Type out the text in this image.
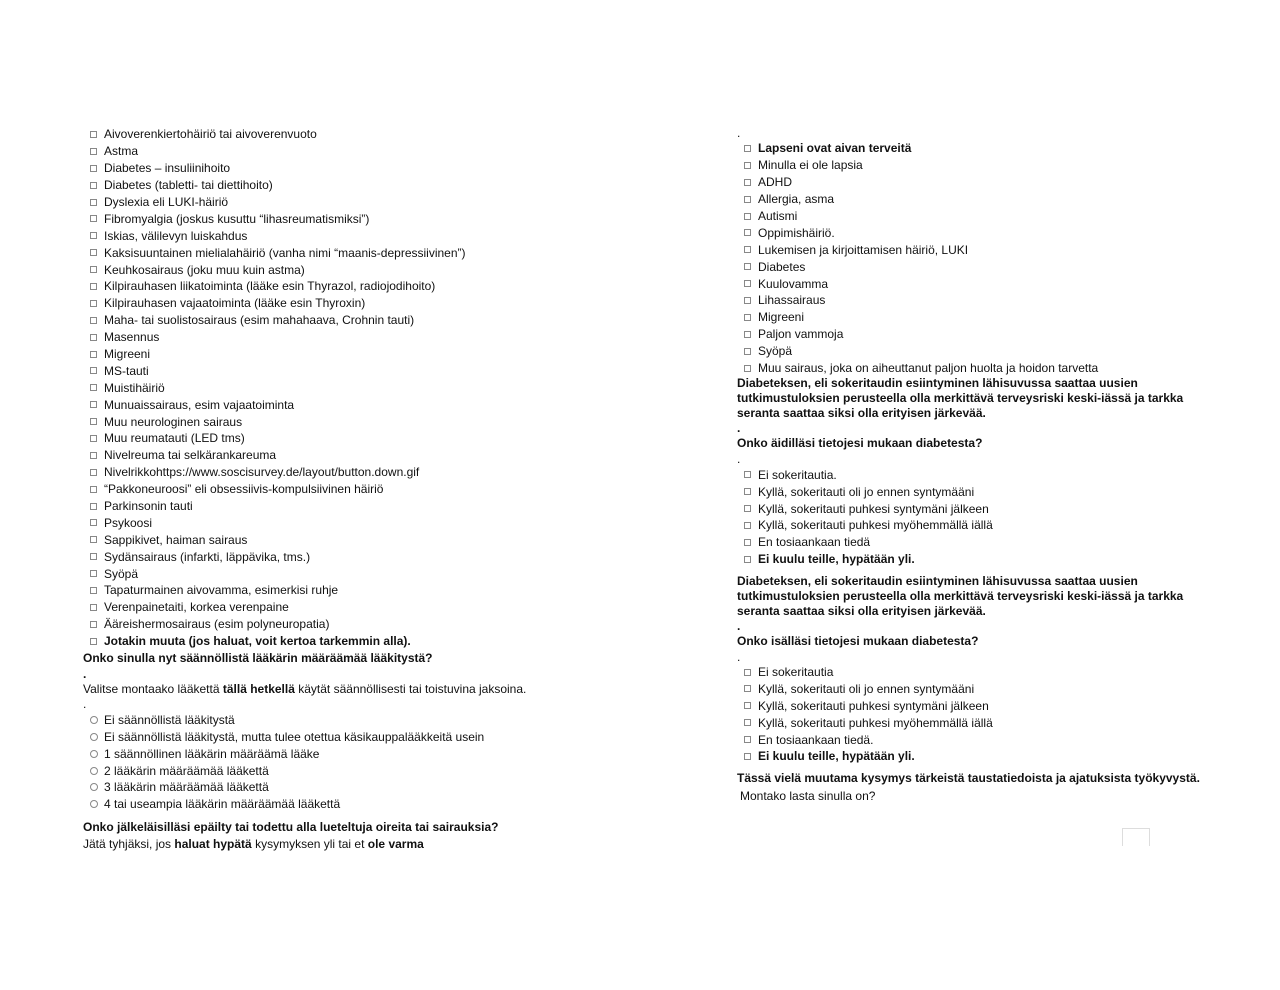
Aivoverenkiertohäiriö tai aivoverenvuoto
Astma
Diabetes – insuliinihoito
Diabetes (tabletti- tai diettihoito)
Dyslexia eli LUKI-häiriö
Fibromyalgia (joskus kusuttu “lihasreumatismiksi”)
Iskias, välilevyn luiskahdus
Kaksisuuntainen mielialahäiriö (vanha nimi “maanis-depressiivinen”)
Keuhkosairaus (joku muu kuin astma)
Kilpirauhasen liikatoiminta (lääke esin Thyrazol, radiojodihoito)
Kilpirauhasen vajaatoiminta (lääke esin Thyroxin)
Maha- tai suolistosairaus (esim mahahaava, Crohnin tauti)
Masennus
Migreeni
MS-tauti
Muistihäiriö
Munuaissairaus, esim vajaatoiminta
Muu neurologinen sairaus
Muu reumatauti (LED tms)
Nivelreuma tai selkärankareuma
Nivelrikkohttps://www.soscisurvey.de/layout/button.down.gif
“Pakkoneuroosi” eli obsessiivis-kompulsiivinen häiriö
Parkinsonin tauti
Psykoosi
Sappikivet, haiman sairaus
Sydänsairaus (infarkti, läppävika, tms.)
Syöpä
Tapaturmainen aivovamma, esimerkisi ruhje
Verenpainetaiti, korkea verenpaine
Ääreishermosairaus (esim polyneuropatia)
Jotakin muuta (jos haluat, voit kertoa tarkemmin alla).
Onko sinulla nyt säännöllistä lääkärin määräämää lääkitystä?
.
Valitse montaako lääkettä tällä hetkellä käytät säännöllisesti tai toistuvina jaksoina.
.
Ei säännöllistä lääkitystä
Ei säännöllistä lääkitystä, mutta tulee otettua käsikauppalääkkeitä usein
1 säännöllinen lääkärin määräämä lääke
2 lääkärin määräämää lääkettä
3 lääkärin määräämää lääkettä
4 tai useampia lääkärin määräämää lääkettä
Onko jälkeläisilläsi epäilty tai todettu alla lueteltuja oireita tai sairauksia?
Jätä tyhjäksi, jos haluat hypätä kysymyksen yli tai et ole varma
.
Lapseni ovat aivan terveitä
Minulla ei ole lapsia
ADHD
Allergia, asma
Autismi
Oppimishäiriö.
Lukemisen ja kirjoittamisen häiriö, LUKI
Diabetes
Kuulovamma
Lihassairaus
Migreeni
Paljon vammoja
Syöpä
Muu sairaus, joka on aiheuttanut paljon huolta ja hoidon tarvetta
Diabeteksen, eli sokeritaudin esiintyminen lähisuvussa saattaa uusien tutkimustuloksien perusteella olla merkittävä terveysriski keski-iässä ja tarkka seranta saattaa siksi olla erityisen järkevää.
.
Onko äidilläsi tietojesi mukaan diabetesta?
.
Ei sokeritautia.
Kyllä, sokeritauti oli jo ennen syntymääni
Kyllä, sokeritauti puhkesi syntymäni jälkeen
Kyllä, sokeritauti puhkesi myöhemmällä iällä
En tosiaankaan tiedä
Ei kuulu teille, hypätään yli.
Diabeteksen, eli sokeritaudin esiintyminen lähisuvussa saattaa uusien tutkimustuloksien perusteella olla merkittävä terveysriski keski-iässä ja tarkka seranta saattaa siksi olla erityisen järkevää.
.
Onko isälläsi tietojesi mukaan diabetesta?
.
Ei sokeritautia
Kyllä, sokeritauti oli jo ennen syntymääni
Kyllä, sokeritauti puhkesi syntymäni jälkeen
Kyllä, sokeritauti puhkesi myöhemmällä iällä
En tosiaankaan tiedä.
Ei kuulu teille, hypätään yli.
Tässä vielä muutama kysymys tärkeistä taustatiedoista ja ajatuksista työkyvystä.
Montako lasta sinulla on?
